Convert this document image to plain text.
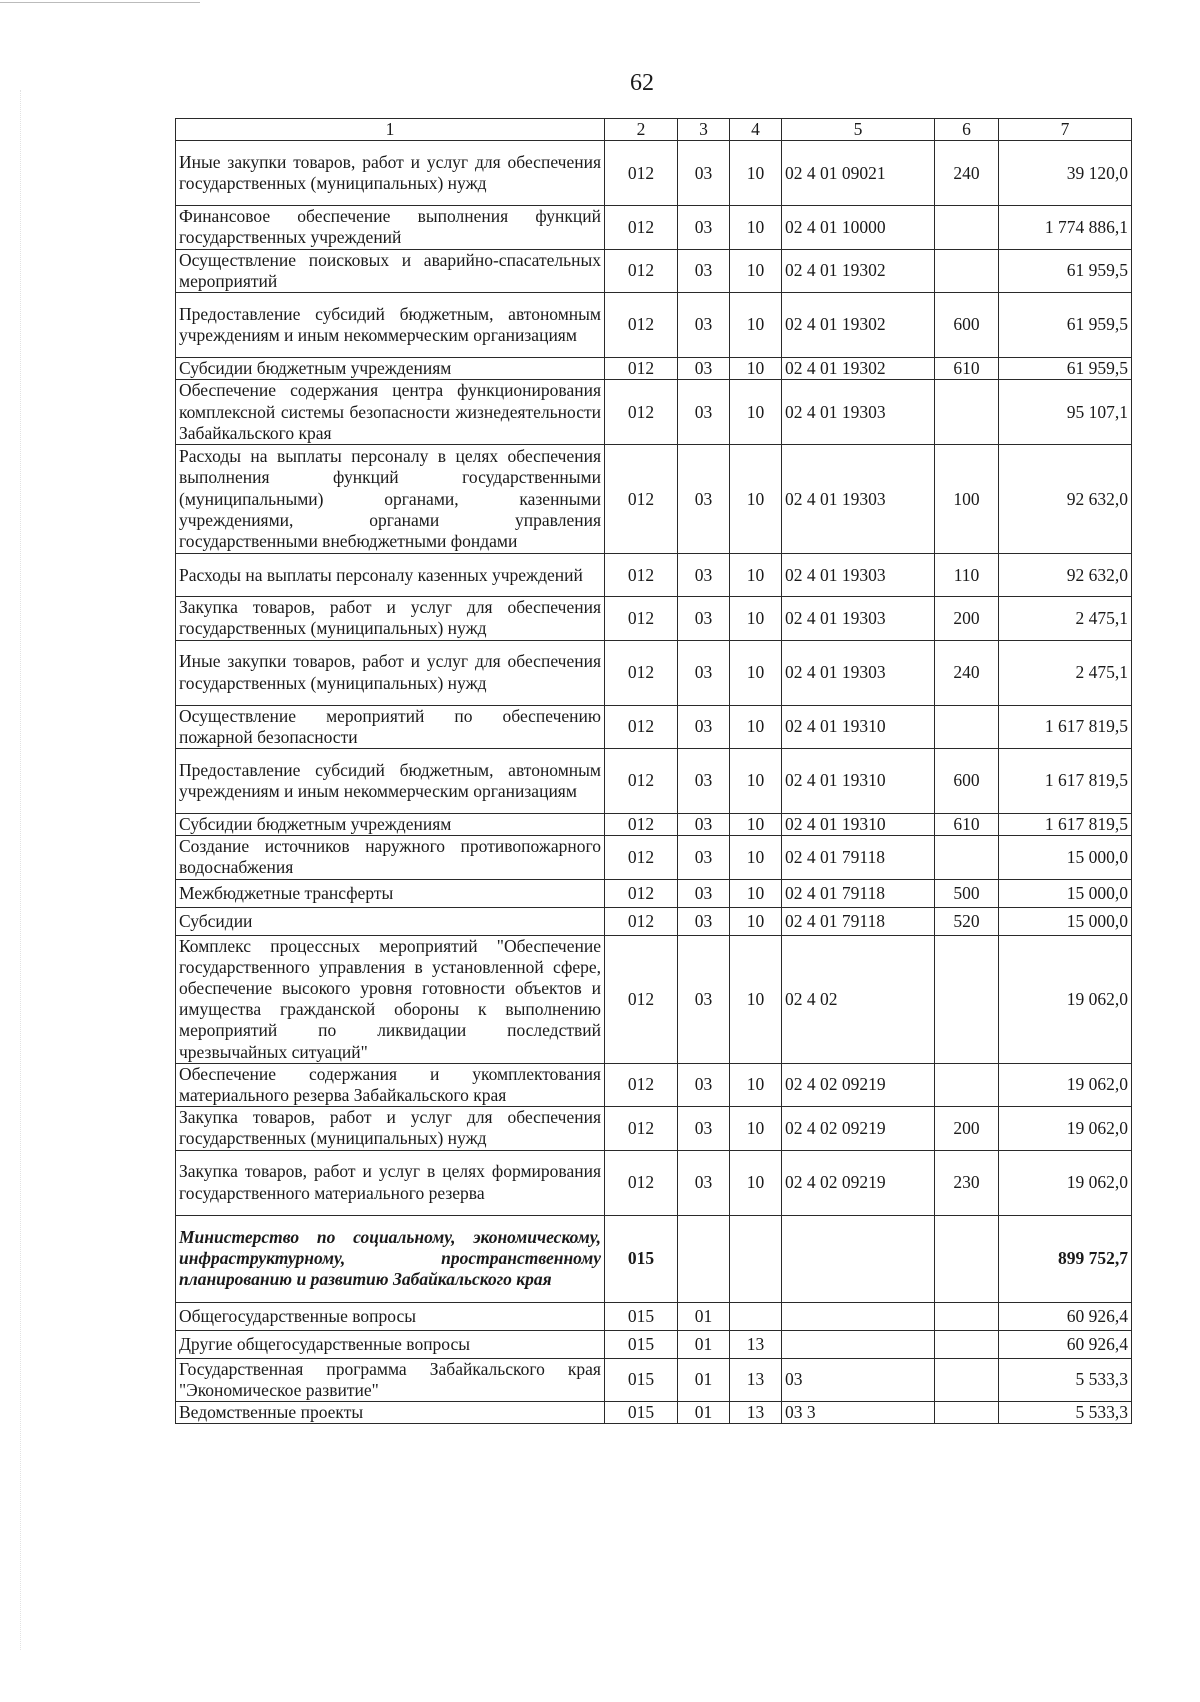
62
1	2	3	4	5	6	7
Иные закупки товаров, работ и услуг для обеспечения государственных (муниципальных) нужд	012	03	10	02 4 01 09021	240	39 120,0
Финансовое обеспечение выполнения функций государственных учреждений	012	03	10	02 4 01 10000		1 774 886,1
Осуществление поисковых и аварийно-спасательных мероприятий	012	03	10	02 4 01 19302		61 959,5
Предоставление субсидий бюджетным, автономным учреждениям и иным некоммерческим организациям	012	03	10	02 4 01 19302	600	61 959,5
Субсидии бюджетным учреждениям	012	03	10	02 4 01 19302	610	61 959,5
Обеспечение содержания центра функционирования комплексной системы безопасности жизнедеятельности Забайкальского края	012	03	10	02 4 01 19303		95 107,1
Расходы на выплаты персоналу в целях обеспечения выполнения функций государственными (муниципальными) органами, казенными учреждениями, органами управления государственными внебюджетными фондами	012	03	10	02 4 01 19303	100	92 632,0
Расходы на выплаты персоналу казенных учреждений	012	03	10	02 4 01 19303	110	92 632,0
Закупка товаров, работ и услуг для обеспечения государственных (муниципальных) нужд	012	03	10	02 4 01 19303	200	2 475,1
Иные закупки товаров, работ и услуг для обеспечения государственных (муниципальных) нужд	012	03	10	02 4 01 19303	240	2 475,1
Осуществление мероприятий по обеспечению пожарной безопасности	012	03	10	02 4 01 19310		1 617 819,5
Предоставление субсидий бюджетным, автономным учреждениям и иным некоммерческим организациям	012	03	10	02 4 01 19310	600	1 617 819,5
Субсидии бюджетным учреждениям	012	03	10	02 4 01 19310	610	1 617 819,5
Создание источников наружного противопожарного водоснабжения	012	03	10	02 4 01 79118		15 000,0
Межбюджетные трансферты	012	03	10	02 4 01 79118	500	15 000,0
Субсидии	012	03	10	02 4 01 79118	520	15 000,0
Комплекс процессных мероприятий "Обеспечение государственного управления в установленной сфере, обеспечение высокого уровня готовности объектов и имущества гражданской обороны к выполнению мероприятий по ликвидации последствий чрезвычайных ситуаций"	012	03	10	02 4 02		19 062,0
Обеспечение содержания и укомплектования материального резерва Забайкальского края	012	03	10	02 4 02 09219		19 062,0
Закупка товаров, работ и услуг для обеспечения государственных (муниципальных) нужд	012	03	10	02 4 02 09219	200	19 062,0
Закупка товаров, работ и услуг в целях формирования государственного материального резерва	012	03	10	02 4 02 09219	230	19 062,0
Министерство по социальному, экономическому, инфраструктурному, пространственному планированию и развитию Забайкальского края	015					899 752,7
Общегосударственные вопросы	015	01				60 926,4
Другие общегосударственные вопросы	015	01	13			60 926,4
Государственная программа Забайкальского края "Экономическое развитие"	015	01	13	03		5 533,3
Ведомственные проекты	015	01	13	03 3		5 533,3
